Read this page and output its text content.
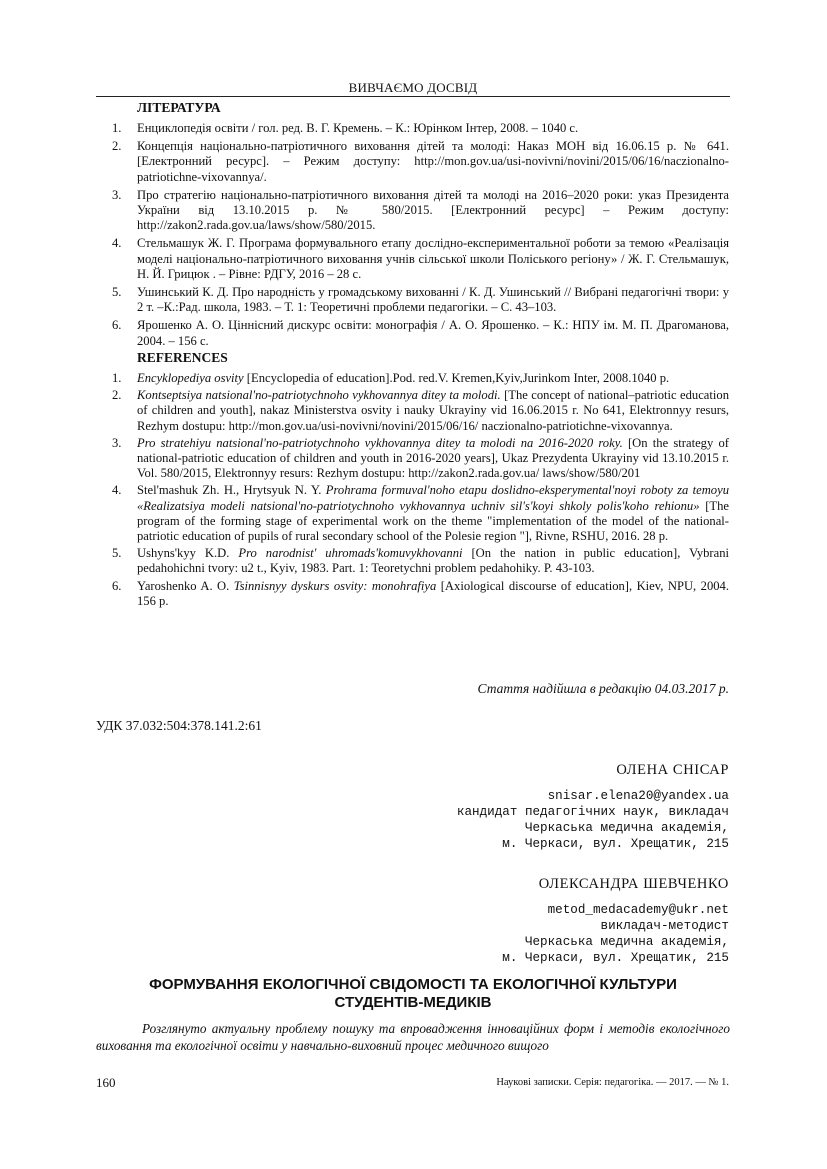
ВИВЧАЄМО ДОСВІД
ЛІТЕРАТУРА
1. Енциклопедія освіти / гол. ред. В. Г. Кремень. – К.: Юрінком Інтер, 2008. – 1040 с.
2. Концепція національно-патріотичного виховання дітей та молоді: Наказ МОН від 16.06.15 р. № 641. [Електронний ресурс]. – Режим доступу: http://mon.gov.ua/usi-novivni/novini/2015/06/16/naczionalno-patriotichne-vixovannya/.
3. Про стратегію національно-патріотичного виховання дітей та молоді на 2016–2020 роки: указ Президента України від 13.10.2015 р. № 580/2015. [Електронний ресурс] – Режим доступу: http://zakon2.rada.gov.ua/laws/show/580/2015.
4. Стельмашук Ж. Г. Програма формувального етапу дослідно-експериментальної роботи за темою «Реалізація моделі національно-патріотичного виховання учнів сільської школи Поліського регіону» / Ж. Г. Стельмашук, Н. Й. Грицюк . – Рівне: РДГУ, 2016 – 28 с.
5. Ушинський К. Д. Про народність у громадському вихованні / К. Д. Ушинський // Вибрані педагогічні твори: у 2 т. –К.:Рад. школа, 1983. – Т. 1: Теоретичні проблеми педагогіки. – С. 43–103.
6. Ярошенко А. О. Ціннісний дискурс освіти: монографія / А. О. Ярошенко. – К.: НПУ ім. М. П. Драгоманова, 2004. – 156 с.
REFERENCES
1. Encyklopediya osvity [Encyclopedia of education].Pod. red.V. Kremen,Kyiv,Jurinkom Inter, 2008.1040 p.
2. Kontseptsiya natsional'no-patriotychnoho vykhovannya ditey ta molodi. [The concept of national–patriotic education of children and youth], nakaz Ministerstva osvity i nauky Ukrayiny vid 16.06.2015 r. No 641, Elektronnyy resurs, Rezhym dostupu: http://mon.gov.ua/usi-novivni/novini/2015/06/16/ naczionalno-patriotichne-vixovannya.
3. Pro stratehiyu natsional'no-patriotychnoho vykhovannya ditey ta molodi na 2016-2020 roky. [On the strategy of national-patriotic education of children and youth in 2016-2020 years], Ukaz Prezydenta Ukrayiny vid 13.10.2015 r. Vol. 580/2015, Elektronnyy resurs: Rezhym dostupu: http://zakon2.rada.gov.ua/ laws/show/580/201
4. Stel'mashuk Zh. H., Hrytsyuk N. Y. Prohrama formuval'noho etapu doslidno-eksperymental'noyi roboty za temoyu «Realizatsiya modeli natsional'no-patriotychnoho vykhovannya uchniv sil's'koyi shkoly polis'koho rehionu» [The program of the forming stage of experimental work on the theme "implementation of the model of the national-patriotic education of pupils of rural secondary school of the Polesie region "], Rivne, RSHU, 2016. 28 p.
5. Ushyns'kyy K.D. Pro narodnist' uhromads'komuvykhovanni [On the nation in public education], Vybrani pedahohichni tvory: u2 t., Kyiv, 1983. Part. 1: Teoretychni problem pedahohiky. P. 43-103.
6. Yaroshenko A. O. Tsinnisnyy dyskurs osvity: monohrafiya [Axiological discourse of education], Kiev, NPU, 2004. 156 p.
Стаття надійшла в редакцію 04.03.2017 р.
УДК 37.032:504:378.141.2:61
ОЛЕНА СНІСАР
snisar.elena20@yandex.ua
кандидат педагогічних наук, викладач
Черкаська медична академія,
м. Черкаси, вул. Хрещатик, 215
ОЛЕКСАНДРА ШЕВЧЕНКО
metod_medacademy@ukr.net
викладач-методист
Черкаська медична академія,
м. Черкаси, вул. Хрещатик, 215
ФОРМУВАННЯ ЕКОЛОГІЧНОЇ СВІДОМОСТІ ТА ЕКОЛОГІЧНОЇ КУЛЬТУРИ
СТУДЕНТІВ-МЕДИКІВ
Розглянуто актуальну проблему пошуку та впровадження інноваційних форм і методів екологічного виховання та екологічної освіти у навчально-виховний процес медичного вищого
160	Наукові записки. Серія: педагогіка. — 2017. — № 1.
